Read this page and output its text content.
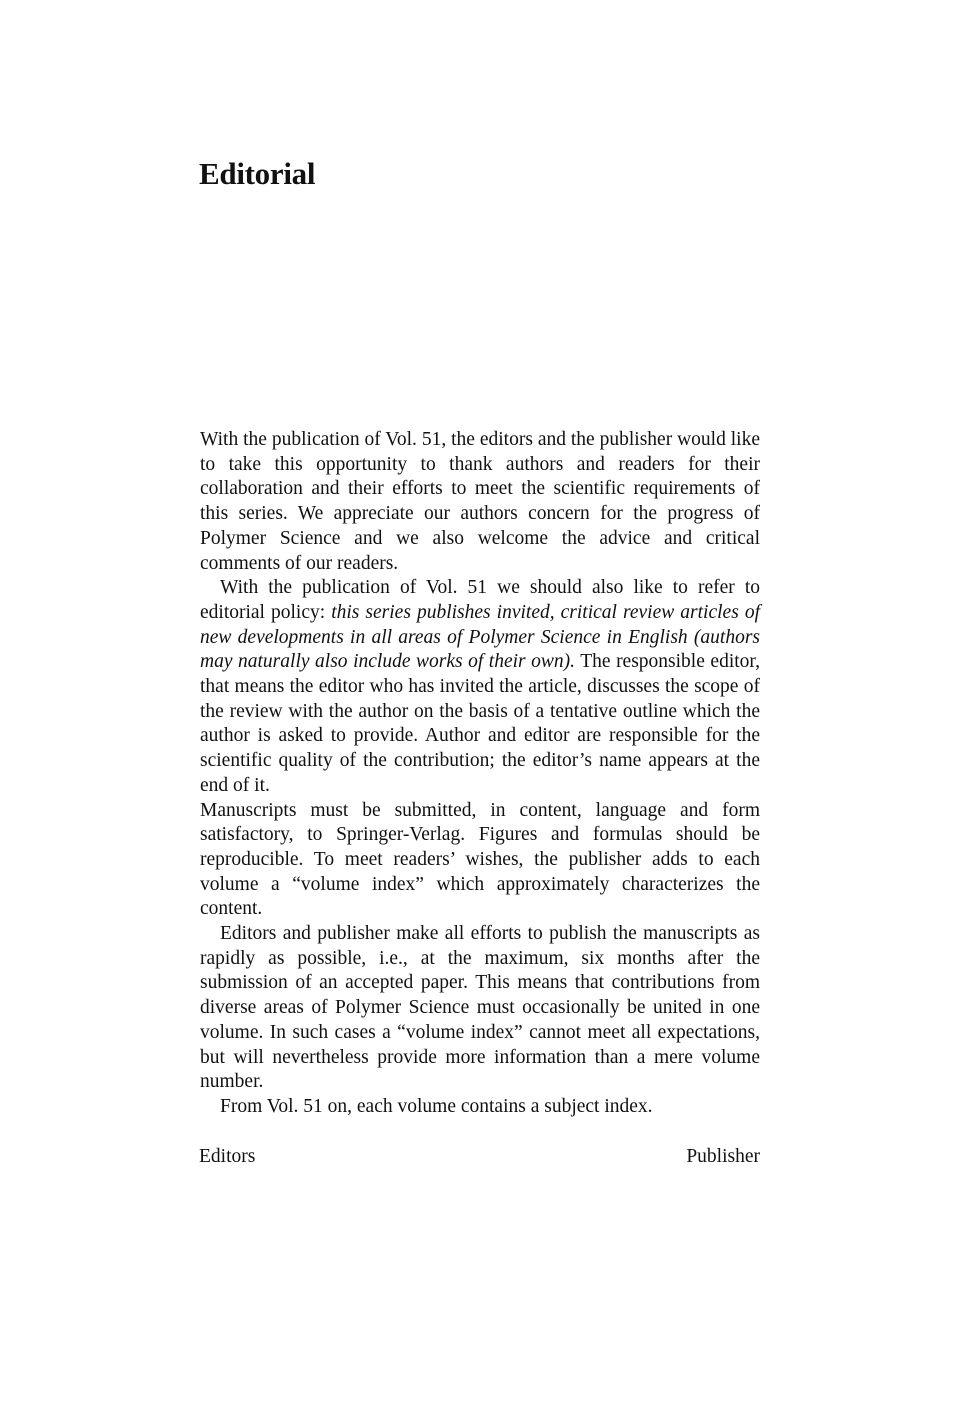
Editorial

With the publication of Vol. 51, the editors and the publisher would like to take this opportunity to thank authors and readers for their collaboration and their efforts to meet the scientific requirements of this series. We appreciate our authors concern for the progress of Polymer Science and we also welcome the advice and critical comments of our readers.

With the publication of Vol. 51 we should also like to refer to editorial policy: this series publishes invited, critical review articles of new developments in all areas of Polymer Science in English (authors may naturally also include works of their own). The responsible editor, that means the editor who has invited the article, discusses the scope of the review with the author on the basis of a tentative outline which the author is asked to provide. Author and editor are responsible for the scientific quality of the contribution; the editor’s name appears at the end of it.

Manuscripts must be submitted, in content, language and form satisfactory, to Springer-Verlag. Figures and formulas should be reproducible. To meet readers’ wishes, the publisher adds to each volume a “volume index” which approximately characterizes the content.

Editors and publisher make all efforts to publish the manuscripts as rapidly as possible, i.e., at the maximum, six months after the submission of an accepted paper. This means that contributions from diverse areas of Polymer Science must occasionally be united in one volume. In such cases a “volume index” cannot meet all expectations, but will nevertheless provide more information than a mere volume number.

From Vol. 51 on, each volume contains a subject index.

Editors	Publisher
